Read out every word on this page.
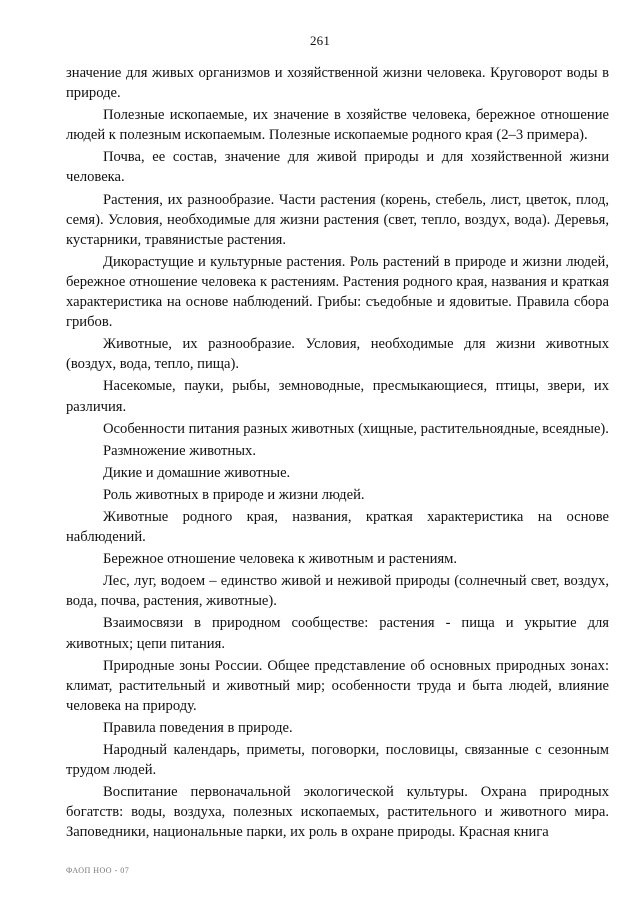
261

значение для живых организмов и хозяйственной жизни человека. Круговорот воды в природе.

Полезные ископаемые, их значение в хозяйстве человека, бережное отношение людей к полезным ископаемым. Полезные ископаемые родного края (2–3 примера).

Почва, ее состав, значение для живой природы и для хозяйственной жизни человека.

Растения, их разнообразие. Части растения (корень, стебель, лист, цветок, плод, семя). Условия, необходимые для жизни растения (свет, тепло, воздух, вода). Деревья, кустарники, травянистые растения.

Дикорастущие и культурные растения. Роль растений в природе и жизни людей, бережное отношение человека к растениям. Растения родного края, названия и краткая характеристика на основе наблюдений. Грибы: съедобные и ядовитые. Правила сбора грибов.

Животные, их разнообразие. Условия, необходимые для жизни животных (воздух, вода, тепло, пища).

Насекомые, пауки, рыбы, земноводные, пресмыкающиеся, птицы, звери, их различия.

Особенности питания разных животных (хищные, растительноядные, всеядные).

Размножение животных.

Дикие и домашние животные.

Роль животных в природе и жизни людей.

Животные родного края, названия, краткая характеристика на основе наблюдений.

Бережное отношение человека к животным и растениям.

Лес, луг, водоем – единство живой и неживой природы (солнечный свет, воздух, вода, почва, растения, животные).

Взаимосвязи в природном сообществе: растения - пища и укрытие для животных; цепи питания.

Природные зоны России. Общее представление об основных природных зонах: климат, растительный и животный мир; особенности труда и быта людей, влияние человека на природу.

Правила поведения в природе.

Народный календарь, приметы, поговорки, пословицы, связанные с сезонным трудом людей.

Воспитание первоначальной экологической культуры. Охрана природных богатств: воды, воздуха, полезных ископаемых, растительного и животного мира. Заповедники, национальные парки, их роль в охране природы. Красная книга

ФАОП НОО - 07
